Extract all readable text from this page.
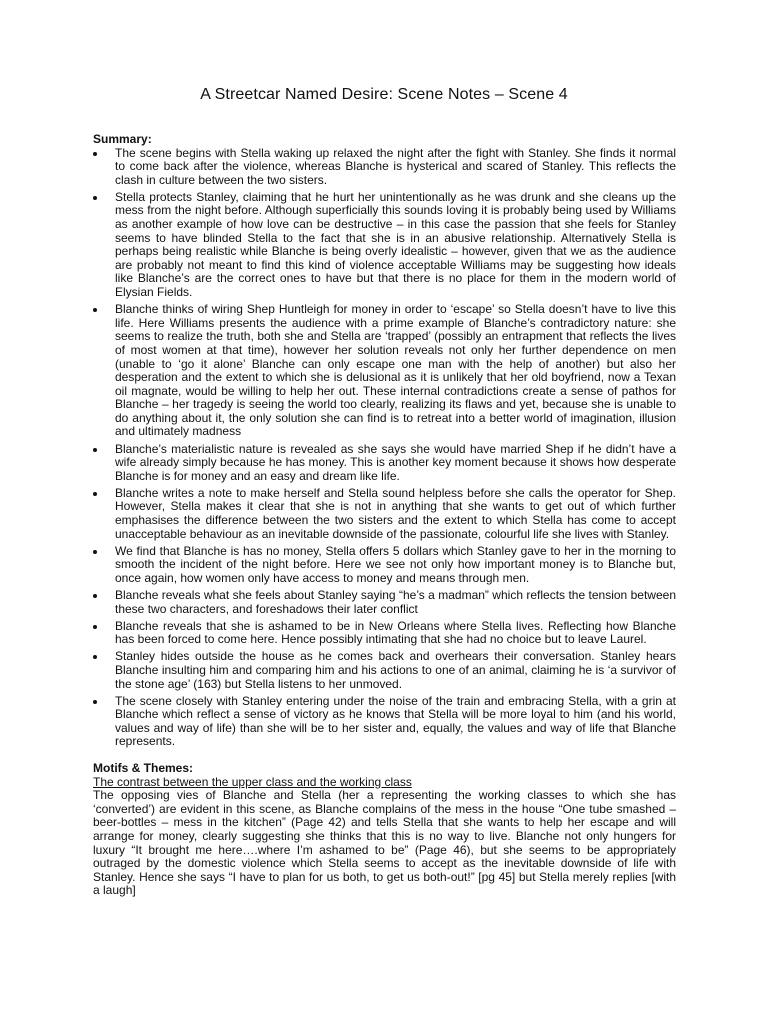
A Streetcar Named Desire: Scene Notes – Scene 4

Summary:

The scene begins with Stella waking up relaxed the night after the fight with Stanley. She finds it normal to come back after the violence, whereas Blanche is hysterical and scared of Stanley. This reflects the clash in culture between the two sisters.
Stella protects Stanley, claiming that he hurt her unintentionally as he was drunk and she cleans up the mess from the night before. Although superficially this sounds loving it is probably being used by Williams as another example of how love can be destructive – in this case the passion that she feels for Stanley seems to have blinded Stella to the fact that she is in an abusive relationship. Alternatively Stella is perhaps being realistic while Blanche is being overly idealistic – however, given that we as the audience are probably not meant to find this kind of violence acceptable Williams may be suggesting how ideals like Blanche’s are the correct ones to have but that there is no place for them in the modern world of Elysian Fields.
Blanche thinks of wiring Shep Huntleigh for money in order to ‘escape’ so Stella doesn’t have to live this life. Here Williams presents the audience with a prime example of Blanche’s contradictory nature: she seems to realize the truth, both she and Stella are ‘trapped’ (possibly an entrapment that reflects the lives of most women at that time), however her solution reveals not only her further dependence on men (unable to ‘go it alone’ Blanche can only escape one man with the help of another) but also her desperation and the extent to which she is delusional as it is unlikely that her old boyfriend, now a Texan oil magnate, would be willing to help her out. These internal contradictions create a sense of pathos for Blanche – her tragedy is seeing the world too clearly, realizing its flaws and yet, because she is unable to do anything about it, the only solution she can find is to retreat into a better world of imagination, illusion and ultimately madness
Blanche’s materialistic nature is revealed as she says she would have married Shep if he didn’t have a wife already simply because he has money. This is another key moment because it shows how desperate Blanche is for money and an easy and dream like life.
Blanche writes a note to make herself and Stella sound helpless before she calls the operator for Shep. However, Stella makes it clear that she is not in anything that she wants to get out of which further emphasises the difference between the two sisters and the extent to which Stella has come to accept unacceptable behaviour as an inevitable downside of the passionate, colourful life she lives with Stanley.
We find that Blanche is has no money, Stella offers 5 dollars which Stanley gave to her in the morning to smooth the incident of the night before. Here we see not only how important money is to Blanche but, once again, how women only have access to money and means through men.
Blanche reveals what she feels about Stanley saying “he’s a madman” which reflects the tension between these two characters, and foreshadows their later conflict
Blanche reveals that she is ashamed to be in New Orleans where Stella lives. Reflecting how Blanche has been forced to come here. Hence possibly intimating that she had no choice but to leave Laurel.
Stanley hides outside the house as he comes back and overhears their conversation. Stanley hears Blanche insulting him and comparing him and his actions to one of an animal, claiming he is ‘a survivor of the stone age’ (163) but Stella listens to her unmoved.
The scene closely with Stanley entering under the noise of the train and embracing Stella, with a grin at Blanche which reflect a sense of victory as he knows that Stella will be more loyal to him (and his world, values and way of life) than she will be to her sister and, equally, the values and way of life that Blanche represents.

Motifs & Themes:

The contrast between the upper class and the working class

The opposing vies of Blanche and Stella (her a representing the working classes to which she has ‘converted’) are evident in this scene, as Blanche complains of the mess in the house “One tube smashed – beer-bottles – mess in the kitchen” (Page 42) and tells Stella that she wants to help her escape and will arrange for money, clearly suggesting she thinks that this is no way to live. Blanche not only hungers for luxury “It brought me here….where I’m ashamed to be” (Page 46), but she seems to be appropriately outraged by the domestic violence which Stella seems to accept as the inevitable downside of life with Stanley. Hence she says “I have to plan for us both, to get us both-out!” [pg 45] but Stella merely replies [with a laugh]
